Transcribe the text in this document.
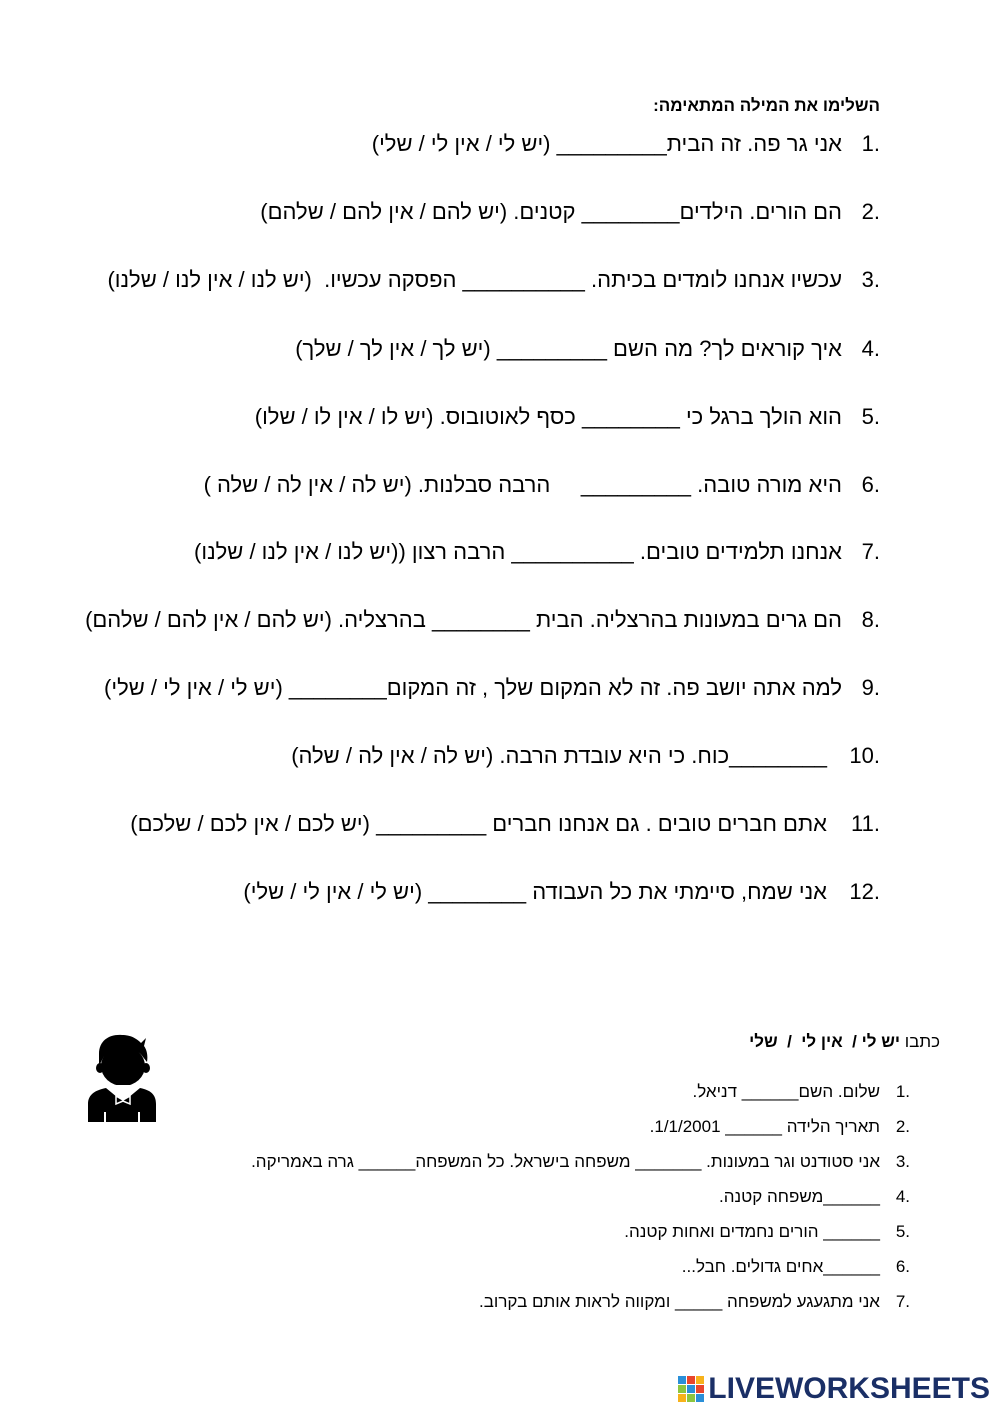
השלימו את המילה המתאימה:
1.
אני גר פה. זה הבית_________ (יש לי / אין לי / שלי)
2.
הם הורים. הילדים________ קטנים. (יש להם / אין להם / שלהם)
3.
עכשיו אנחנו לומדים בכיתה. __________ הפסקה עכשיו.  (יש לנו / אין לנו / שלנו)
4.
איך קוראים לך? מה השם _________ (יש לך / אין לך / שלך)
5.
הוא הולך ברגל כי ________ כסף לאוטובוס. (יש לו / אין לו / שלו)
6.
היא מורה טובה. _________     הרבה סבלנות. (יש לה / אין לה / שלה )
7.
אנחנו תלמידים טובים. __________ הרבה רצון ((יש לנו / אין לנו / שלנו)
8.
הם גרים במעונות בהרצליה. הבית ________ בהרצליה. (יש להם / אין להם / שלהם)
9.
למה אתה יושב פה. זה לא המקום שלך , זה המקום________ (יש לי / אין לי / שלי)
10.
________כוח. כי היא עובדת הרבה. (יש לה / אין לה / שלה)
11.
אתם חברים טובים . גם אנחנו חברים _________ (יש לכם / אין לכם / שלכם)
12.
אני שמח, סיימתי את כל העבודה ________ (יש לי / אין לי / שלי)
כתבו יש לי /  אין לי  /  שלי
1.
שלום. השם______ דניאל.
2.
תאריך הלידה ______ 1/1/2001.
3.
אני סטודנט וגר במעונות. _______ משפחה בישראל. כל המשפחה______ גרה באמריקה.
4.
______משפחה קטנה.
5.
______ הורים נחמדים ואחות קטנה.
6.
______אחים גדולים. חבל...
7.
אני מתגעגע למשפחה _____ ומקווה לראות אותם בקרוב.
LIVEWORKSHEETS
